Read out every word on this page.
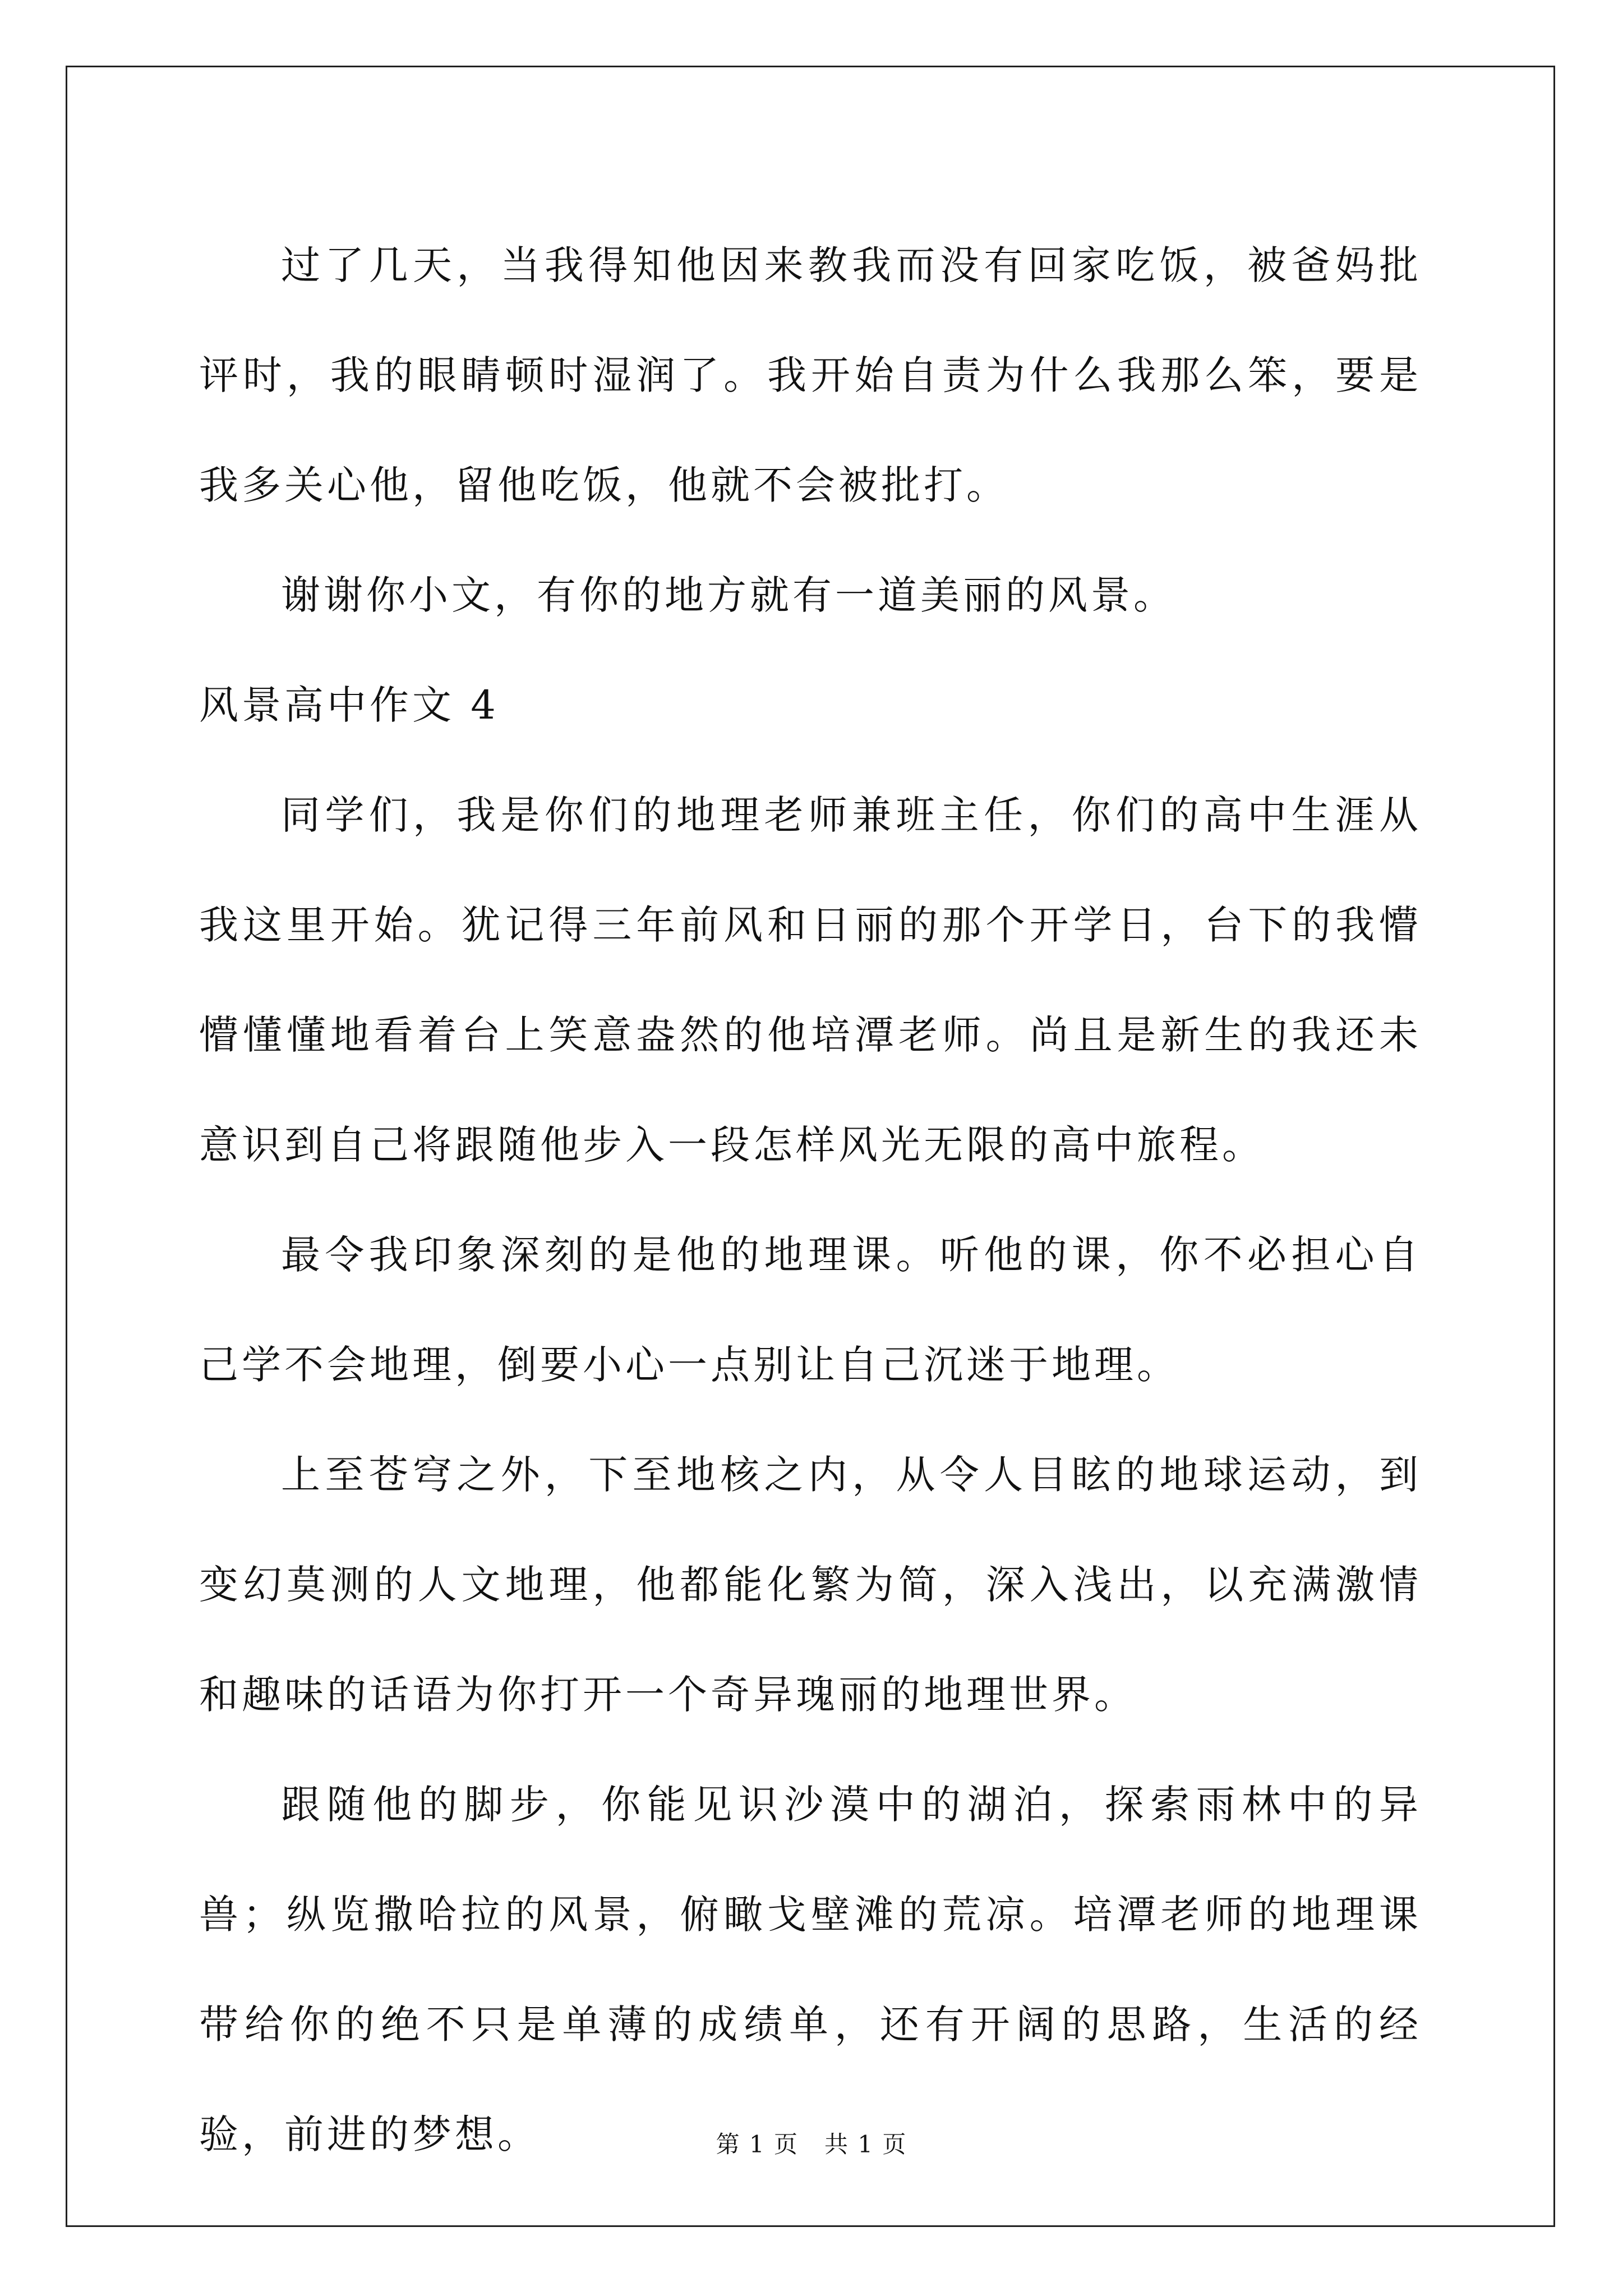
过了几天，当我得知他因来教我而没有回家吃饭，被爸妈批评时，我的眼睛顿时湿润了。我开始自责为什么我那么笨，要是我多关心他，留他吃饭，他就不会被批打。

谢谢你小文，有你的地方就有一道美丽的风景。

风景高中作文 4

同学们，我是你们的地理老师兼班主任，你们的高中生涯从我这里开始。犹记得三年前风和日丽的那个开学日，台下的我懵懵懂懂地看着台上笑意盎然的他培潭老师。尚且是新生的我还未意识到自己将跟随他步入一段怎样风光无限的高中旅程。

最令我印象深刻的是他的地理课。听他的课，你不必担心自己学不会地理，倒要小心一点别让自己沉迷于地理。

上至苍穹之外，下至地核之内，从令人目眩的地球运动，到变幻莫测的人文地理，他都能化繁为简，深入浅出，以充满激情和趣味的话语为你打开一个奇异瑰丽的地理世界。

跟随他的脚步，你能见识沙漠中的湖泊，探索雨林中的异兽；纵览撒哈拉的风景，俯瞰戈壁滩的荒凉。培潭老师的地理课带给你的绝不只是单薄的成绩单，还有开阔的思路，生活的经验，前进的梦想。	第 1 页 共 1 页
